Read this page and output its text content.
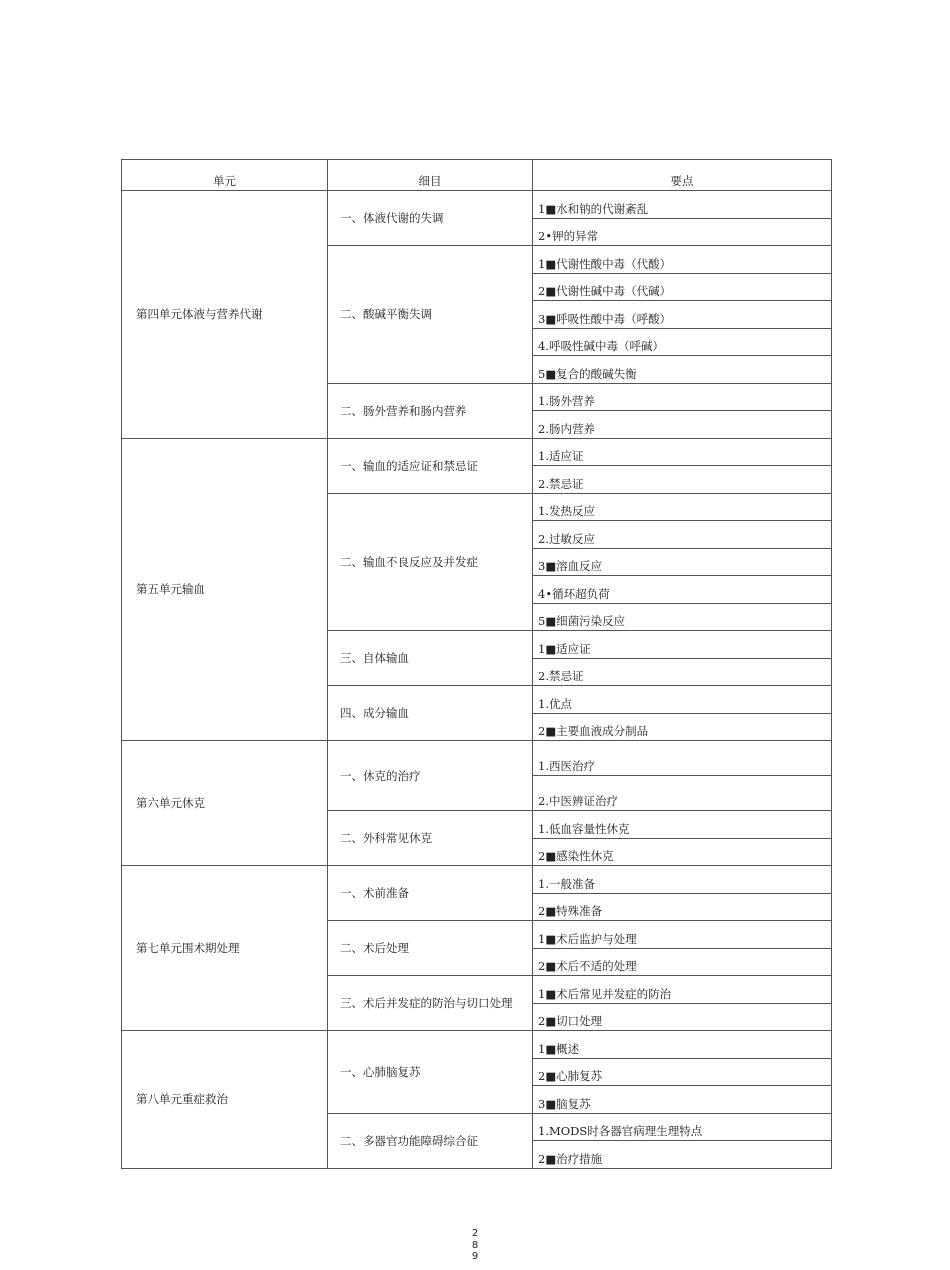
单元	细目	要点
第四单元体液与营养代谢	一、体液代谢的失调	1■水和钠的代谢紊乱
		2•钾的异常
	二、酸碱平衡失调	1■代谢性酸中毒（代酸）
		2■代谢性碱中毒（代碱）
		3■呼吸性酸中毒（呼酸）
		4.呼吸性碱中毒（呼碱）
		5■复合的酸碱失衡
	二、肠外营养和肠内营养	1.肠外营养
		2.肠内营养
第五单元输血	一、输血的适应证和禁忌证	1.适应证
		2.禁忌证
	二、输血不良反应及并发症	1.发热反应
		2.过敏反应
		3■溶血反应
		4•循环超负荷
		5■细菌污染反应
	三、自体输血	1■适应证
		2.禁忌证
	四、成分输血	1.优点
		2■主要血液成分制品
第六单元休克	一、休克的治疗	1.西医治疗
		2.中医辨证治疗
	二、外科常见休克	1.低血容量性休克
		2■感染性休克
第七单元围术期处理	一、术前准备	1.一般准备
		2■特殊准备
	二、术后处理	1■术后监护与处理
		2■术后不适的处理
	三、术后并发症的防治与切口处理	1■术后常见并发症的防治
		2■切口处理
第八单元重症救治	一、心肺脑复苏	1■概述
		2■心肺复苏
		3■脑复苏
	二、多器官功能障碍综合征	1.MODS时各器官病理生理特点
		2■治疗措施
2
8
9
